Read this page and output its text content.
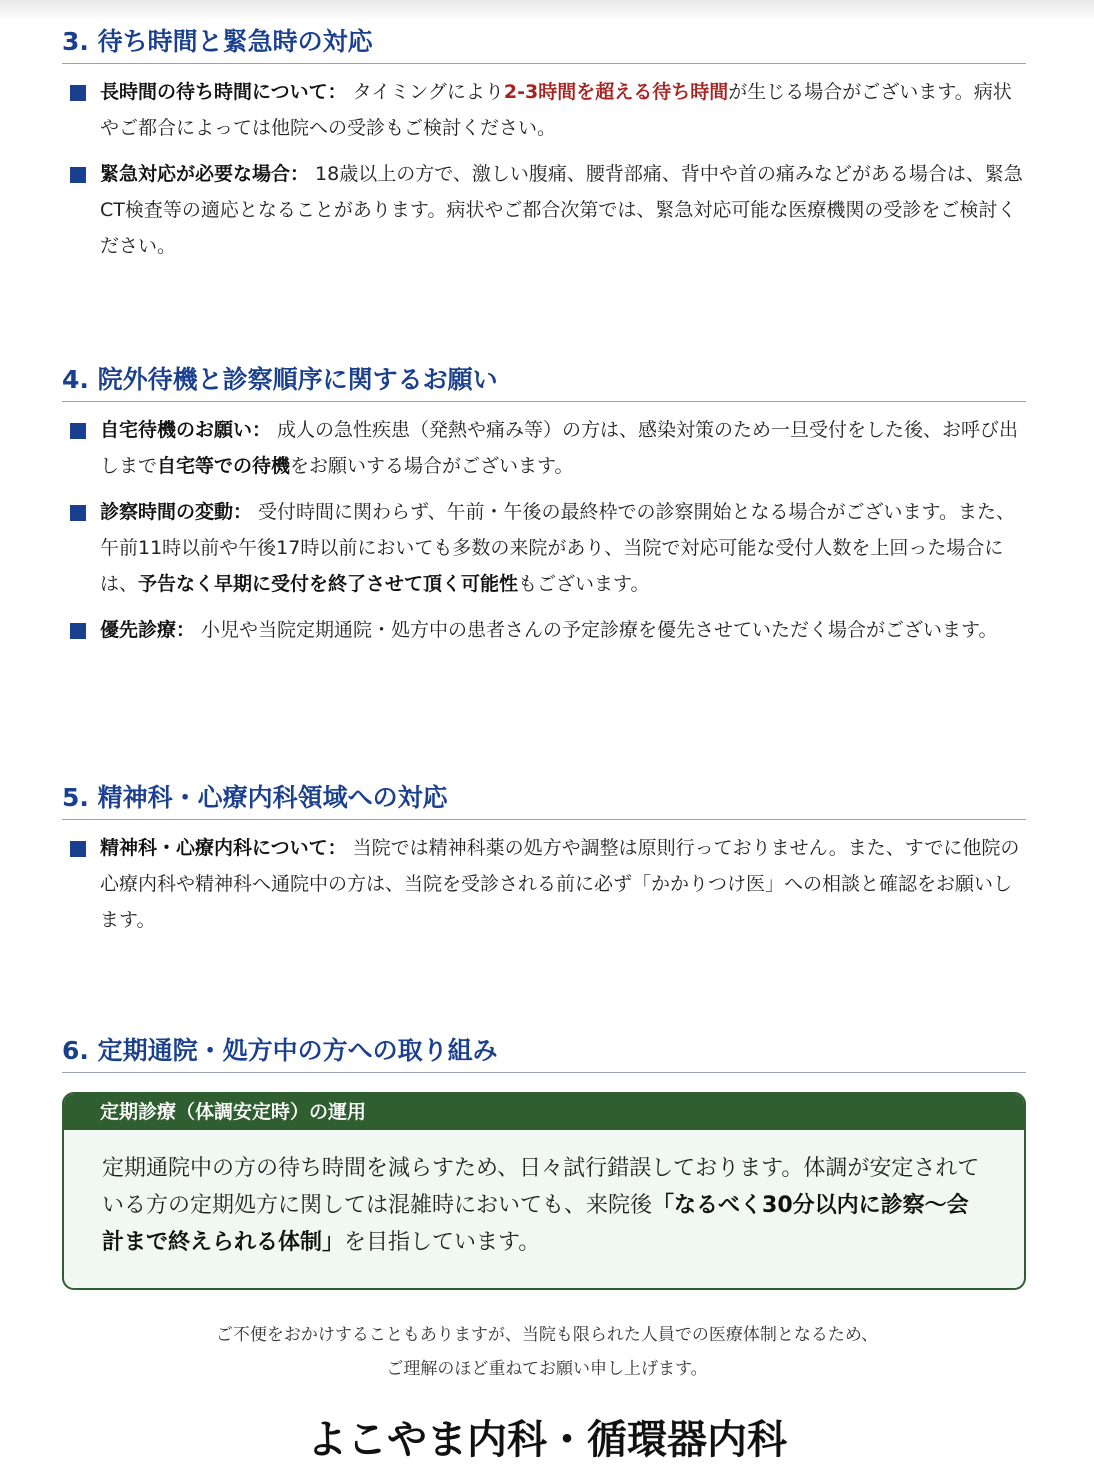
3. 待ち時間と緊急時の対応
長時間の待ち時間について： タイミングにより2-3時間を超える待ち時間が生じる場合がございます。病状やご都合によっては他院への受診もご検討ください。
緊急対応が必要な場合： 18歳以上の方で、激しい腹痛、腰背部痛、背中や首の痛みなどがある場合は、緊急CT検査等の適応となることがあります。病状やご都合次第では、緊急対応可能な医療機関の受診をご検討ください。
4. 院外待機と診察順序に関するお願い
自宅待機のお願い： 成人の急性疾患（発熱や痛み等）の方は、感染対策のため一旦受付をした後、お呼び出しまで自宅等での待機をお願いする場合がございます。
診察時間の変動： 受付時間に関わらず、午前・午後の最終枠での診察開始となる場合がございます。また、午前11時以前や午後17時以前においても多数の来院があり、当院で対応可能な受付人数を上回った場合には、予告なく早期に受付を終了させて頂く可能性もございます。
優先診療： 小児や当院定期通院・処方中の患者さんの予定診療を優先させていただく場合がございます。
5. 精神科・心療内科領域への対応
精神科・心療内科について： 当院では精神科薬の処方や調整は原則行っておりません。また、すでに他院の心療内科や精神科へ通院中の方は、当院を受診される前に必ず「かかりつけ医」への相談と確認をお願いします。
6. 定期通院・処方中の方への取り組み
定期診療（体調安定時）の運用
定期通院中の方の待ち時間を減らすため、日々試行錯誤しております。体調が安定されている方の定期処方に関しては混雑時においても、来院後「なるべく30分以内に診察〜会計まで終えられる体制」を目指しています。
ご不便をおかけすることもありますが、当院も限られた人員での医療体制となるため、
ご理解のほど重ねてお願い申し上げます。
よこやま内科・循環器内科
